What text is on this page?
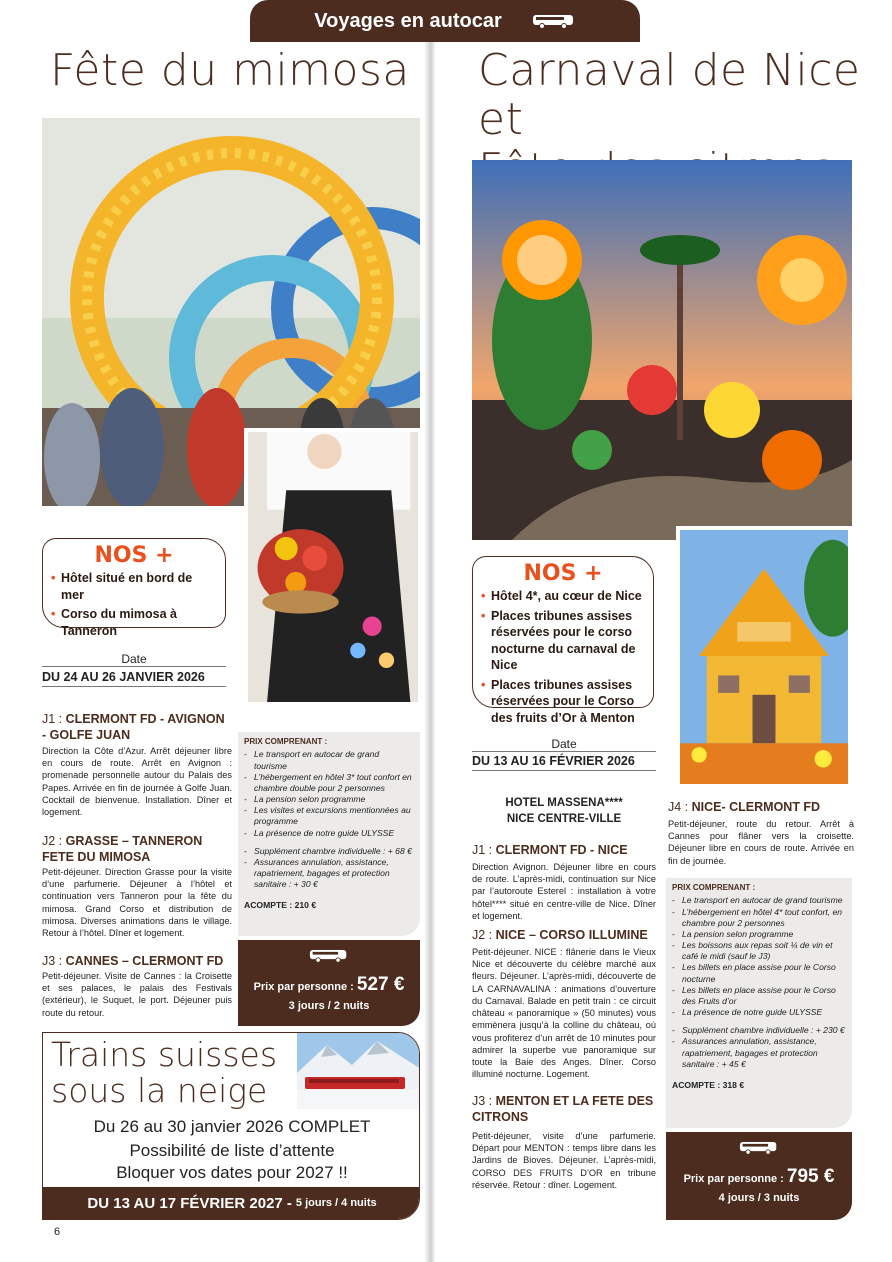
Voyages en autocar
Fête du mimosa
NOS +
• Hôtel situé en bord de mer
• Corso du mimosa à Tanneron
Date
DU 24 AU 26 JANVIER 2026
J1 : CLERMONT FD - AVIGNON - GOLFE JUAN
Direction la Côte d’Azur. Arrêt déjeuner libre en cours de route. Arrêt en Avignon : promenade personnelle autour du Palais des Papes. Arrivée en fin de journée à Golfe Juan. Cocktail de bienvenue. Installation. Dîner et logement.
J2 : GRASSE – TANNERON FETE DU MIMOSA
Petit-déjeuner. Direction Grasse pour la visite d’une parfumerie. Déjeuner à l’hôtel et continuation vers Tanneron pour la fête du mimosa. Grand Corso et distribution de mimosa. Diverses animations dans le village. Retour à l’hôtel. Dîner et logement.
J3 : CANNES – CLERMONT FD
Petit-déjeuner. Visite de Cannes : la Croisette et ses palaces, le palais des Festivals (extérieur), le Suquet, le port. Déjeuner puis route du retour.
PRIX COMPRENANT :
- Le transport en autocar de grand tourisme
- L’hébergement en hôtel 3* tout confort en chambre double pour 2 personnes
- La pension selon programme
- Les visites et excursions mentionnées au programme
- La présence de notre guide ULYSSE
- Supplément chambre individuelle : + 68 €
- Assurances annulation, assistance, rapatriement, bagages et protection sanitaire : + 30 €
ACOMPTE : 210 €
Prix par personne : 527 €
3 jours / 2 nuits
Trains suisses
sous la neige
Du 26 au 30 janvier 2026 COMPLET
Possibilité de liste d’attente
Bloquer vos dates pour 2027 !!
DU 13 AU 17 FÉVRIER 2027 - 5 jours / 4 nuits
6
Carnaval de Nice et
NOS +
• Hôtel 4*, au cœur de Nice
• Places tribunes assises réservées pour le corso nocturne du carnaval de Nice
• Places tribunes assises réservées pour le Corso des fruits d’Or à Menton
Date
DU 13 AU 16 FÉVRIER 2026
HOTEL MASSENA****
NICE CENTRE-VILLE
J1 : CLERMONT FD - NICE
Direction Avignon. Déjeuner libre en cours de route. L’après-midi, continuation sur Nice par l’autoroute Esterel : installation à votre hôtel**** situé en centre-ville de Nice. Dîner et logement.
J2 : NICE – CORSO ILLUMINE
Petit-déjeuner. NICE : flânerie dans le Vieux Nice et découverte du célèbre marché aux fleurs. Déjeuner. L’après-midi, découverte de LA CARNAVALINA : animations d’ouverture du Carnaval. Balade en petit train : ce circuit château « panoramique » (50 minutes) vous emmènera jusqu’à la colline du château, où vous profiterez d’un arrêt de 10 minutes pour admirer la superbe vue panoramique sur toute la Baie des Anges. Dîner. Corso illuminé nocturne. Logement.
J3 : MENTON ET LA FETE DES CITRONS
Petit-déjeuner, visite d’une parfumerie. Départ pour MENTON : temps libre dans les Jardins de Bioves. Déjeuner. L’après-midi, CORSO DES FRUITS D’OR en tribune réservée. Retour : dîner. Logement.
J4 : NICE- CLERMONT FD
Petit-déjeuner, route du retour. Arrêt à Cannes pour flâner vers la croisette. Déjeuner libre en cours de route. Arrivée en fin de journée.
PRIX COMPRENANT :
- Le transport en autocar de grand tourisme
- L’hébergement en hôtel 4* tout confort, en chambre pour 2 personnes
- La pension selon programme
- Les boissons aux repas soit ¼ de vin et café le midi (sauf le J3)
- Les billets en place assise pour le Corso nocturne
- Les billets en place assise pour le Corso des Fruits d’or
- La présence de notre guide ULYSSE
- Supplément chambre individuelle : + 230 €
- Assurances annulation, assistance, rapatriement, bagages et protection sanitaire : + 45 €
ACOMPTE : 318 €
Prix par personne : 795 €
4 jours / 3 nuits
